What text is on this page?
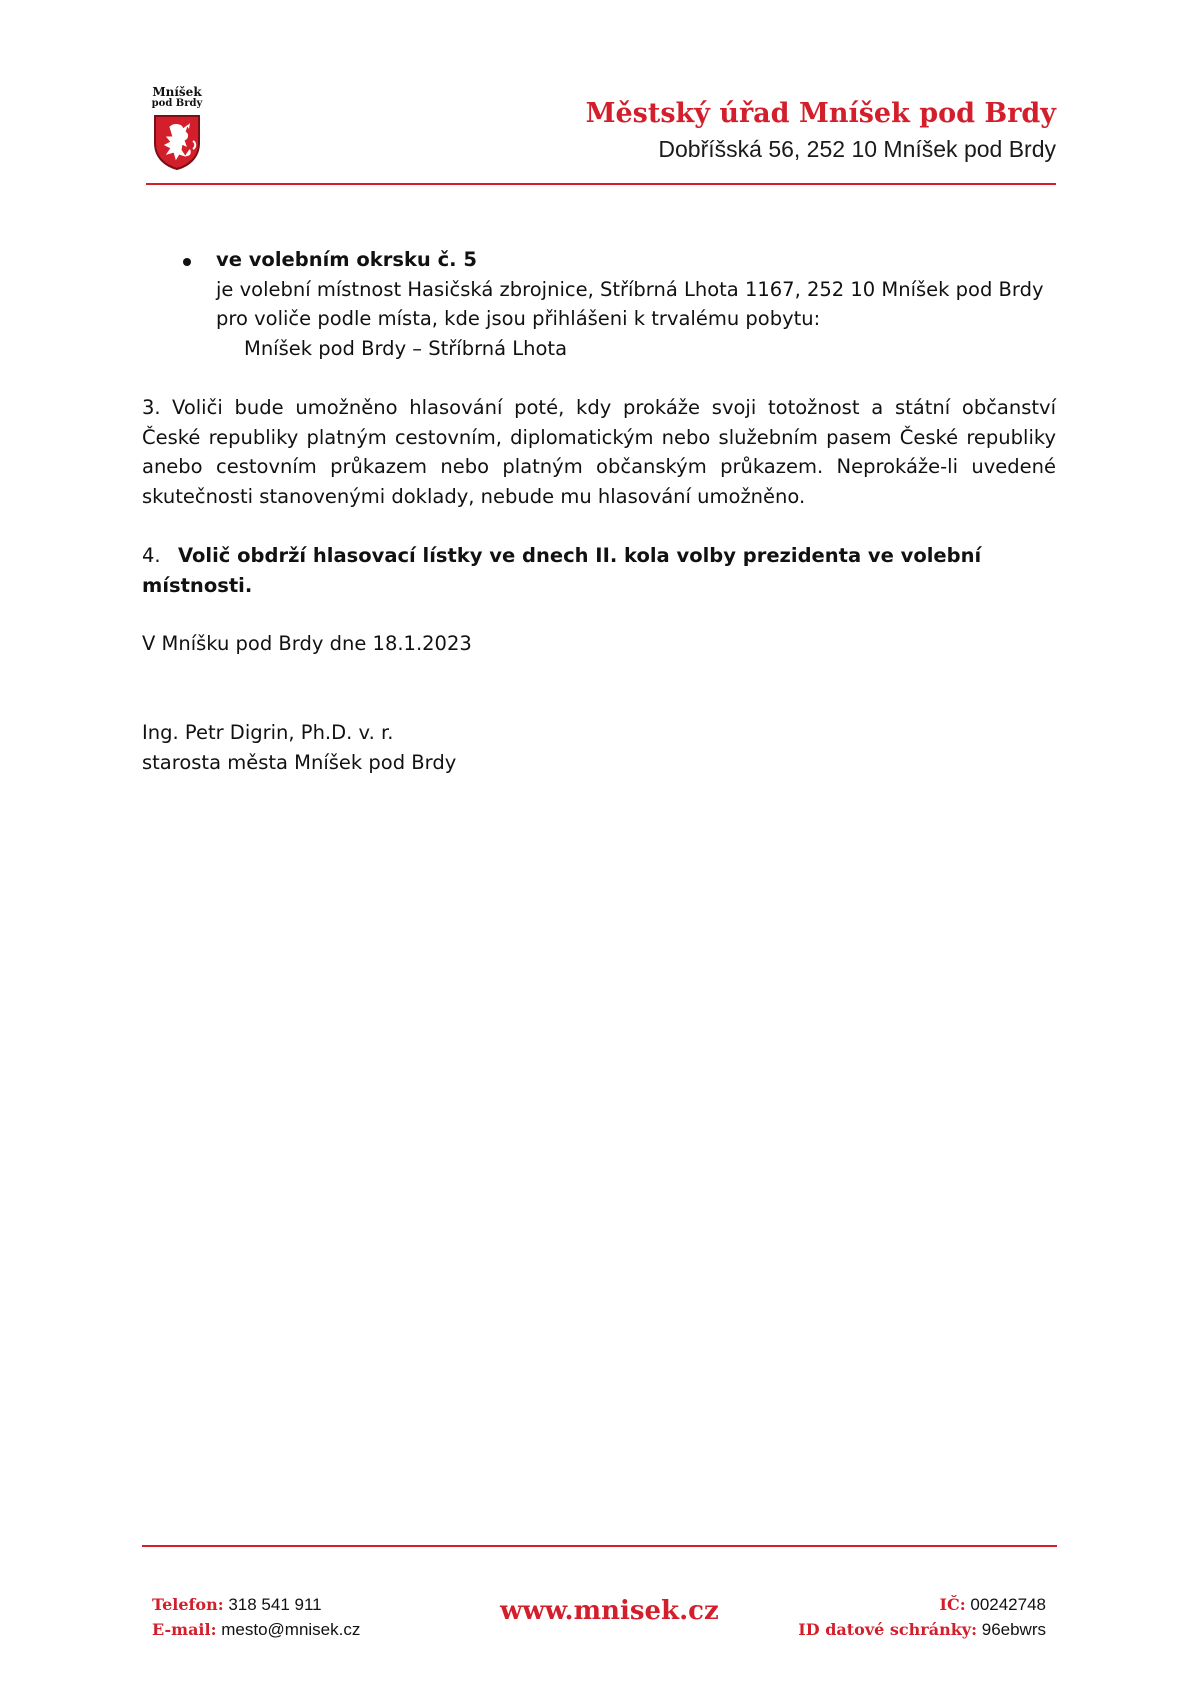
Mníšek
pod Brdy	Městský úřad Mníšek pod Brdy
Dobříšská 56, 252 10 Mníšek pod Brdy
ve volebním okrsku č. 5
je volební místnost Hasičská zbrojnice, Stříbrná Lhota 1167, 252 10 Mníšek pod Brdy
pro voliče podle místa, kde jsou přihlášeni k trvalému pobytu:
Mníšek pod Brdy – Stříbrná Lhota
3. Voliči bude umožněno hlasování poté, kdy prokáže svoji totožnost a státní občanství České republiky platným cestovním, diplomatickým nebo služebním pasem České republiky anebo cestovním průkazem nebo platným občanským průkazem. Neprokáže-li uvedené skutečnosti stanovenými doklady, nebude mu hlasování umožněno.
4. Volič obdrží hlasovací lístky ve dnech II. kola volby prezidenta ve volební místnosti.
V Mníšku pod Brdy dne 18.1.2023
Ing. Petr Digrin, Ph.D. v. r.
starosta města Mníšek pod Brdy
Telefon: 318 541 911
E-mail: mesto@mnisek.cz
www.mnisek.cz	IČ: 00242748
ID datové schránky: 96ebwrs
